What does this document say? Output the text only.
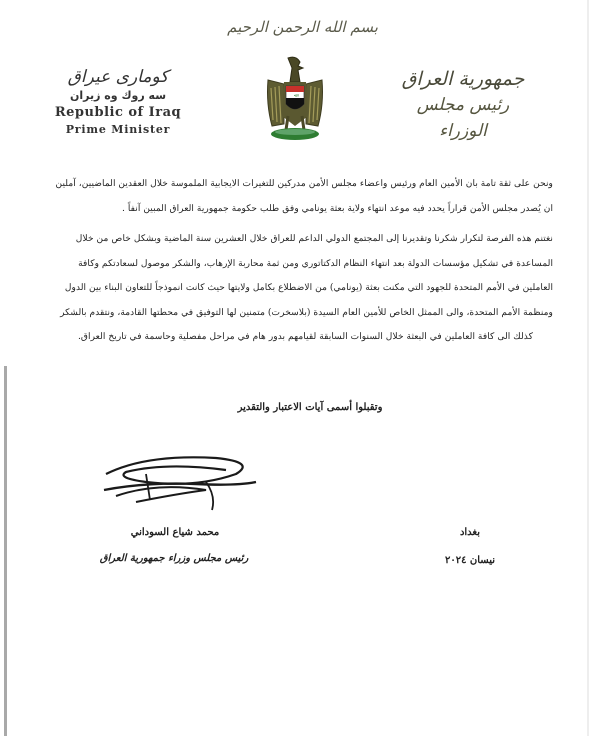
بسم الله الرحمن الرحيم
كوماری عیراق
سه روك وه زيران
Republic of Iraq
Prime Minister
ﷲ
جمهورية العراق
رئيس مجلس الوزراء

ونحن على ثقة تامة بان الأمين العام ورئيس واعضاء مجلس الأمن مدركين للتغيرات الايجابية الملموسة خلال العقدين الماضيين، آملين

ان يُصدر مجلس الأمن قراراً يحدد فيه موعد انتهاء ولاية بعثة يونامي وفق طلب حكومة جمهورية العراق المبين آنفاً .

نغتنم هذه الفرصة لتكرار شكرنا وتقديرنا إلى المجتمع الدولي الداعم للعراق خلال العشرين سنة الماضية وبشكل خاص من خلال

المساعدة في تشكيل مؤسسات الدولة بعد انتهاء النظام الدكتاتوري ومن ثمة محاربة الإرهاب، والشكر موصول لسعادتكم وكافة

العاملين في الأمم المتحدة للجهود التي مكنت بعثة (يونامي) من الاضطلاع بكامل ولايتها حيث كانت انموذجاً للتعاون البناء بين الدول

ومنظمة الأمم المتحدة، والى الممثل الخاص للأمين العام السيدة (بلاسخرت) متمنين لها التوفيق في محطتها القادمة، ونتقدم بالشكر

كذلك الى كافة العاملين في البعثة خلال السنوات السابقة لقيامهم بدور هام في مراحل مفصلية وحاسمة في تاريخ العراق.

وتقبلوا أسمى آيات الاعتبار والتقدير
محمد شياع السوداني
رئيس مجلس وزراء جمهورية العراق
بغداد
نيسان ٢٠٢٤
